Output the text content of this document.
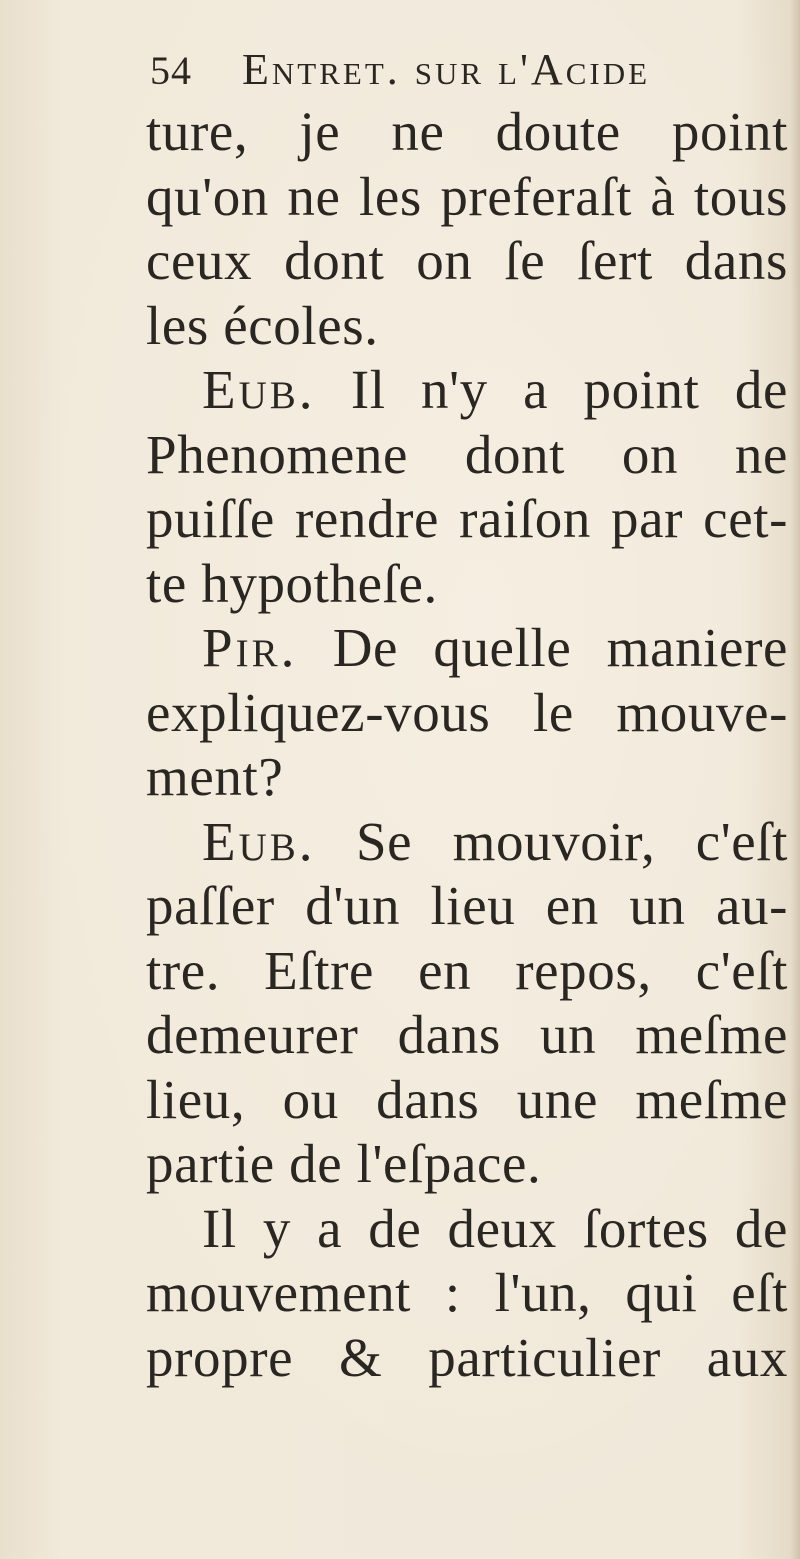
54 Entret. sur l'Acide
ture, je ne doute point
qu'on ne les preferaſt à tous
ceux dont on ſe ſert dans
les écoles.
Eub. Il n'y a point de
Phenomene dont on ne
puiſſe rendre raiſon par cet-
te hypotheſe.
Pir. De quelle maniere
expliquez-vous le mouve-
ment?
Eub. Se mouvoir, c'eſt
paſſer d'un lieu en un au-
tre. Eſtre en repos, c'eſt
demeurer dans un meſme
lieu, ou dans une meſme
partie de l'eſpace.
Il y a de deux ſortes de
mouvement : l'un, qui eſt
propre & particulier aux
